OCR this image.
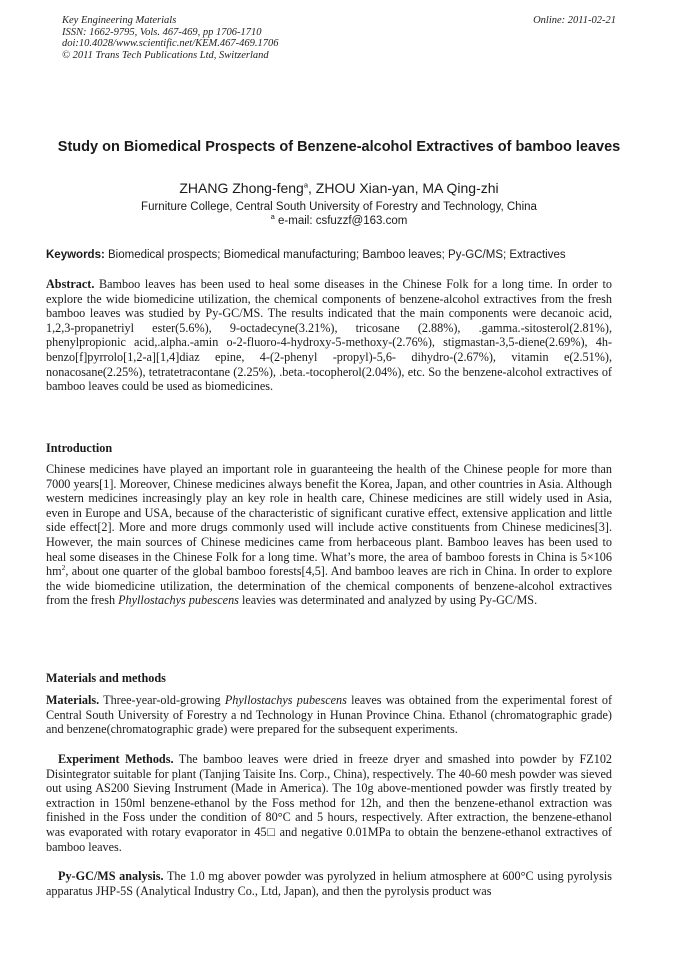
Key Engineering Materials
ISSN: 1662-9795, Vols. 467-469, pp 1706-1710
doi:10.4028/www.scientific.net/KEM.467-469.1706
© 2011 Trans Tech Publications Ltd, Switzerland
Online: 2011-02-21
Study on Biomedical Prospects of Benzene-alcohol Extractives of bamboo leaves
ZHANG Zhong-feng$^a$, ZHOU Xian-yan, MA Qing-zhi
Furniture College, Central South University of Forestry and Technology, China
$^a$ e-mail: csfuzzf@163.com
Keywords: Biomedical prospects; Biomedical manufacturing; Bamboo leaves; Py-GC/MS; Extractives
Abstract. Bamboo leaves has been used to heal some diseases in the Chinese Folk for a long time. In order to explore the wide biomedicine utilization, the chemical components of benzene-alcohol extractives from the fresh bamboo leaves was studied by Py-GC/MS. The results indicated that the main components were decanoic acid, 1,2,3-propanetriyl ester(5.6%), 9-octadecyne(3.21%), tricosane (2.88%), .gamma.-sitosterol(2.81%), phenylpropionic acid,.alpha.-amin o-2-fluoro-4-hydroxy-5-methoxy-(2.76%), stigmastan-3,5-diene(2.69%), 4h-benzo[f]pyrrolo[1,2-a][1,4]diaz epine, 4-(2-phenyl -propyl)-5,6- dihydro-(2.67%), vitamin e(2.51%), nonacosane(2.25%), tetratetracontane (2.25%), .beta.-tocopherol(2.04%), etc. So the benzene-alcohol extractives of bamboo leaves could be used as biomedicines.
Introduction
Chinese medicines have played an important role in guaranteeing the health of the Chinese people for more than 7000 years[1]. Moreover, Chinese medicines always benefit the Korea, Japan, and other countries in Asia. Although western medicines increasingly play an key role in health care, Chinese medicines are still widely used in Asia, even in Europe and USA, because of the characteristic of significant curative effect, extensive application and little side effect[2]. More and more drugs commonly used will include active constituents from Chinese medicines[3]. However, the main sources of Chinese medicines came from herbaceous plant. Bamboo leaves has been used to heal some diseases in the Chinese Folk for a long time. What’s more, the area of bamboo forests in China is 5×106 $hm^2$, about one quarter of the global bamboo forests[4,5]. And bamboo leaves are rich in China. In order to explore the wide biomedicine utilization, the determination of the chemical components of benzene-alcohol extractives from the fresh Phyllostachys pubescens leavies was determinated and analyzed by using Py-GC/MS.
Materials and methods
Materials. Three-year-old-growing Phyllostachys pubescens leaves was obtained from the experimental forest of Central South University of Forestry a nd Technology in Hunan Province China. Ethanol (chromatographic grade) and benzene(chromatographic grade) were prepared for the subsequent experiments.
Experiment Methods. The bamboo leaves were dried in freeze dryer and smashed into powder by FZ102 Disintegrator suitable for plant (Tanjing Taisite Ins. Corp., China), respectively. The 40-60 mesh powder was sieved out using AS200 Sieving Instrument (Made in America). The 10g above-mentioned powder was firstly treated by extraction in 150ml benzene-ethanol by the Foss method for 12h, and then the benzene-ethanol extraction was finished in the Foss under the condition of 80°C and 5 hours, respectively. After extraction, the benzene-ethanol was evaporated with rotary evaporator in 45□ and negative 0.01MPa to obtain the benzene-ethanol extractives of bamboo leaves.
Py-GC/MS analysis. The 1.0 mg abover powder was pyrolyzed in helium atmosphere at 600°C using pyrolysis apparatus JHP-5S (Analytical Industry Co., Ltd, Japan), and then the pyrolysis product was
